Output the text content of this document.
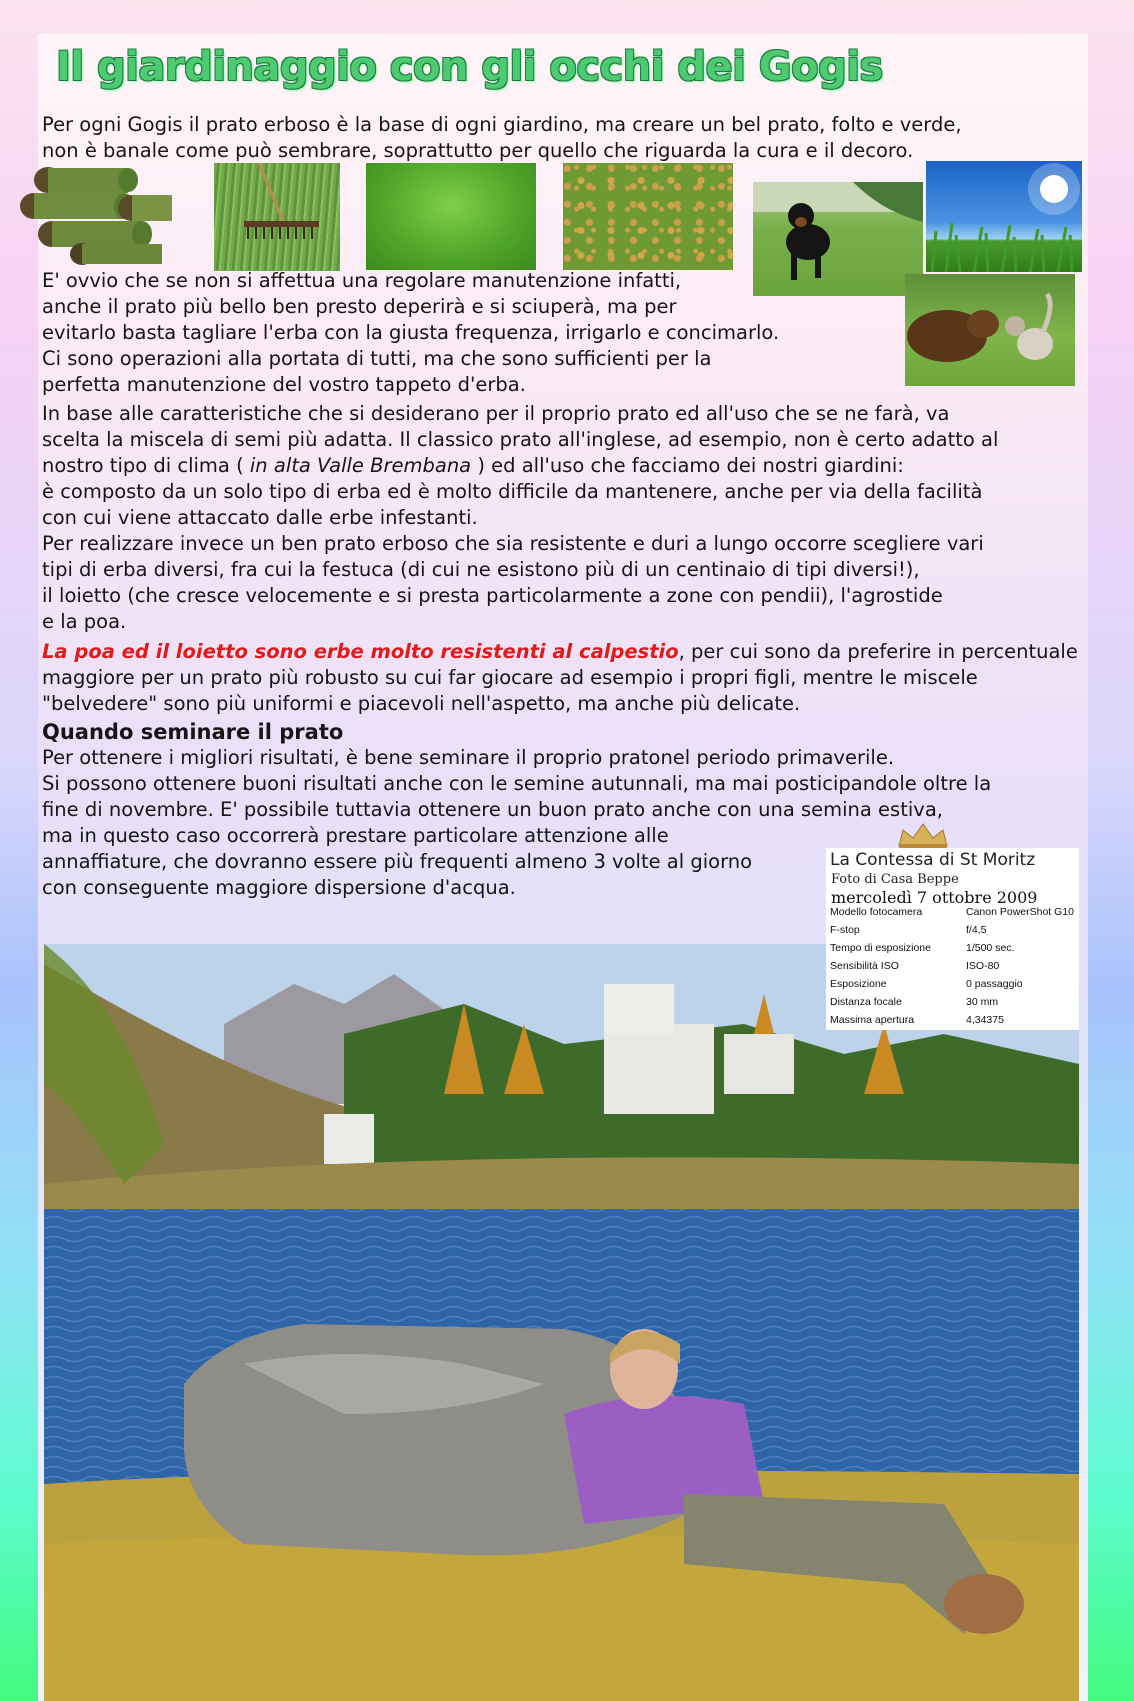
Il giardinaggio con gli occhi dei Gogis

Per ogni Gogis il prato erboso è la base di ogni giardino, ma creare un bel prato, folto e verde,

non è banale come può sembrare, soprattutto per quello che riguarda la cura e il decoro.

E' ovvio che se non si affettua una regolare manutenzione infatti,

anche il prato più bello ben presto deperirà e si sciuperà, ma per

evitarlo basta tagliare l'erba con la giusta frequenza, irrigarlo e concimarlo.

Ci sono operazioni alla portata di tutti, ma che sono sufficienti per la

perfetta manutenzione del vostro tappeto d'erba.

In base alle caratteristiche che si desiderano per il proprio prato ed all'uso che se ne farà, va

scelta la miscela di semi più adatta. Il classico prato all'inglese, ad esempio, non è certo adatto al

nostro tipo di clima ( in alta Valle Brembana ) ed all'uso che facciamo dei nostri giardini:

è composto da un solo tipo di erba ed è molto difficile da mantenere, anche per via della facilità

con cui viene attaccato dalle erbe infestanti.

Per realizzare invece un ben prato erboso che sia resistente e duri a lungo occorre scegliere vari

tipi di erba diversi, fra cui la festuca (di cui ne esistono più di un centinaio di tipi diversi!),

il loietto (che cresce velocemente e si presta particolarmente a zone con pendii), l'agrostide

e la poa.

La poa ed il loietto sono erbe molto resistenti al calpestio, per cui sono da preferire in percentuale

maggiore per un prato più robusto su cui far giocare ad esempio i propri figli, mentre le miscele

"belvedere" sono più uniformi e piacevoli nell'aspetto, ma anche più delicate.

Quando seminare il prato

Per ottenere i migliori risultati, è bene seminare il proprio pratonel periodo primaverile.

Si possono ottenere buoni risultati anche con le semine autunnali, ma mai posticipandole oltre la

fine di novembre. E' possibile tuttavia ottenere un buon prato anche con una semina estiva,

ma in questo caso occorrerà prestare particolare attenzione alle

annaffiature, che dovranno essere più frequenti almeno 3 volte al giorno

con conseguente maggiore dispersione d'acqua.

La Contessa di St Moritz
Foto di Casa Beppe
mercoledì 7 ottobre 2009
Modello fotocamera	Canon PowerShot G10
F-stop	f/4,5
Tempo di esposizione	1/500 sec.
Sensibilità ISO	ISO-80
Esposizione	0 passaggio
Distanza focale	30 mm
Massima apertura	4,34375
